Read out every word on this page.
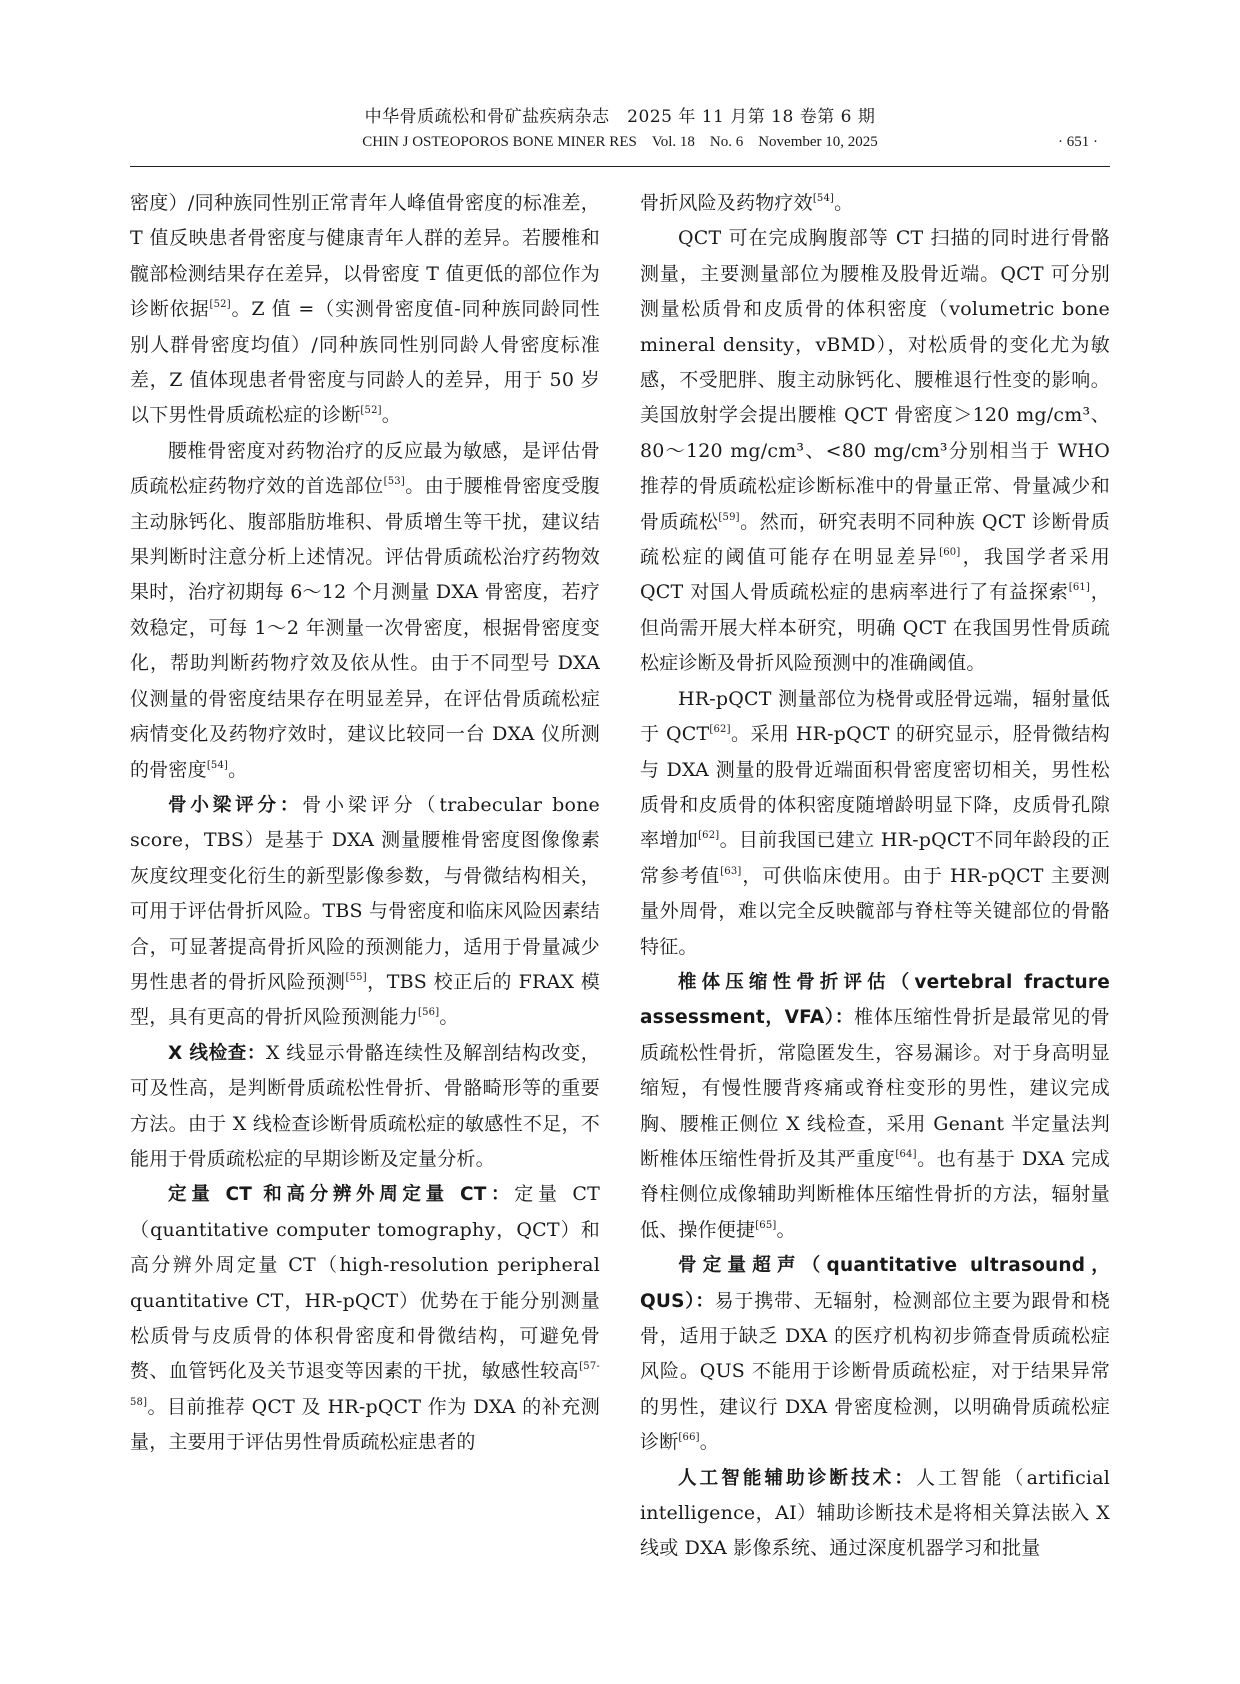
中华骨质疏松和骨矿盐疾病杂志　2025 年 11 月第 18 卷第 6 期
CHIN J OSTEOPOROS BONE MINER RES　Vol. 18　No. 6　November 10, 2025	· 651 ·

密度）/同种族同性别正常青年人峰值骨密度的标准差，T 值反映患者骨密度与健康青年人群的差异。若腰椎和髋部检测结果存在差异，以骨密度 T 值更低的部位作为诊断依据[52]。Z 值 =（实测骨密度值-同种族同龄同性别人群骨密度均值）/同种族同性别同龄人骨密度标准差，Z 值体现患者骨密度与同龄人的差异，用于 50 岁以下男性骨质疏松症的诊断[52]。

腰椎骨密度对药物治疗的反应最为敏感，是评估骨质疏松症药物疗效的首选部位[53]。由于腰椎骨密度受腹主动脉钙化、腹部脂肪堆积、骨质增生等干扰，建议结果判断时注意分析上述情况。评估骨质疏松治疗药物效果时，治疗初期每 6～12 个月测量 DXA 骨密度，若疗效稳定，可每 1～2 年测量一次骨密度，根据骨密度变化，帮助判断药物疗效及依从性。由于不同型号 DXA 仪测量的骨密度结果存在明显差异，在评估骨质疏松症病情变化及药物疗效时，建议比较同一台 DXA 仪所测的骨密度[54]。

骨小梁评分：骨小梁评分（trabecular bone score，TBS）是基于 DXA 测量腰椎骨密度图像像素灰度纹理变化衍生的新型影像参数，与骨微结构相关，可用于评估骨折风险。TBS 与骨密度和临床风险因素结合，可显著提高骨折风险的预测能力，适用于骨量减少男性患者的骨折风险预测[55]，TBS 校正后的 FRAX 模型，具有更高的骨折风险预测能力[56]。

X 线检查：X 线显示骨骼连续性及解剖结构改变，可及性高，是判断骨质疏松性骨折、骨骼畸形等的重要方法。由于 X 线检查诊断骨质疏松症的敏感性不足，不能用于骨质疏松症的早期诊断及定量分析。

定量 CT 和高分辨外周定量 CT：定量 CT（quantitative computer tomography，QCT）和高分辨外周定量 CT（high-resolution peripheral quantitative CT，HR-pQCT）优势在于能分别测量松质骨与皮质骨的体积骨密度和骨微结构，可避免骨赘、血管钙化及关节退变等因素的干扰，敏感性较高[57-58]。目前推荐 QCT 及 HR-pQCT 作为 DXA 的补充测量，主要用于评估男性骨质疏松症患者的

骨折风险及药物疗效[54]。

QCT 可在完成胸腹部等 CT 扫描的同时进行骨骼测量，主要测量部位为腰椎及股骨近端。QCT 可分别测量松质骨和皮质骨的体积密度（volumetric bone mineral density，vBMD），对松质骨的变化尤为敏感，不受肥胖、腹主动脉钙化、腰椎退行性变的影响。美国放射学会提出腰椎 QCT 骨密度＞120 mg/cm³、80～120 mg/cm³、<80 mg/cm³分别相当于 WHO 推荐的骨质疏松症诊断标准中的骨量正常、骨量减少和骨质疏松[59]。然而，研究表明不同种族 QCT 诊断骨质疏松症的阈值可能存在明显差异[60]，我国学者采用 QCT 对国人骨质疏松症的患病率进行了有益探索[61]，但尚需开展大样本研究，明确 QCT 在我国男性骨质疏松症诊断及骨折风险预测中的准确阈值。

HR-pQCT 测量部位为桡骨或胫骨远端，辐射量低于 QCT[62]。采用 HR-pQCT 的研究显示，胫骨微结构与 DXA 测量的股骨近端面积骨密度密切相关，男性松质骨和皮质骨的体积密度随增龄明显下降，皮质骨孔隙率增加[62]。目前我国已建立 HR-pQCT不同年龄段的正常参考值[63]，可供临床使用。由于 HR-pQCT 主要测量外周骨，难以完全反映髋部与脊柱等关键部位的骨骼特征。

椎体压缩性骨折评估（vertebral fracture assessment，VFA）：椎体压缩性骨折是最常见的骨质疏松性骨折，常隐匿发生，容易漏诊。对于身高明显缩短，有慢性腰背疼痛或脊柱变形的男性，建议完成胸、腰椎正侧位 X 线检查，采用 Genant 半定量法判断椎体压缩性骨折及其严重度[64]。也有基于 DXA 完成脊柱侧位成像辅助判断椎体压缩性骨折的方法，辐射量低、操作便捷[65]。

骨定量超声（quantitative ultrasound，QUS）：易于携带、无辐射，检测部位主要为跟骨和桡骨，适用于缺乏 DXA 的医疗机构初步筛查骨质疏松症风险。QUS 不能用于诊断骨质疏松症，对于结果异常的男性，建议行 DXA 骨密度检测，以明确骨质疏松症诊断[66]。

人工智能辅助诊断技术：人工智能（artificial intelligence，AI）辅助诊断技术是将相关算法嵌入 X 线或 DXA 影像系统、通过深度机器学习和批量
